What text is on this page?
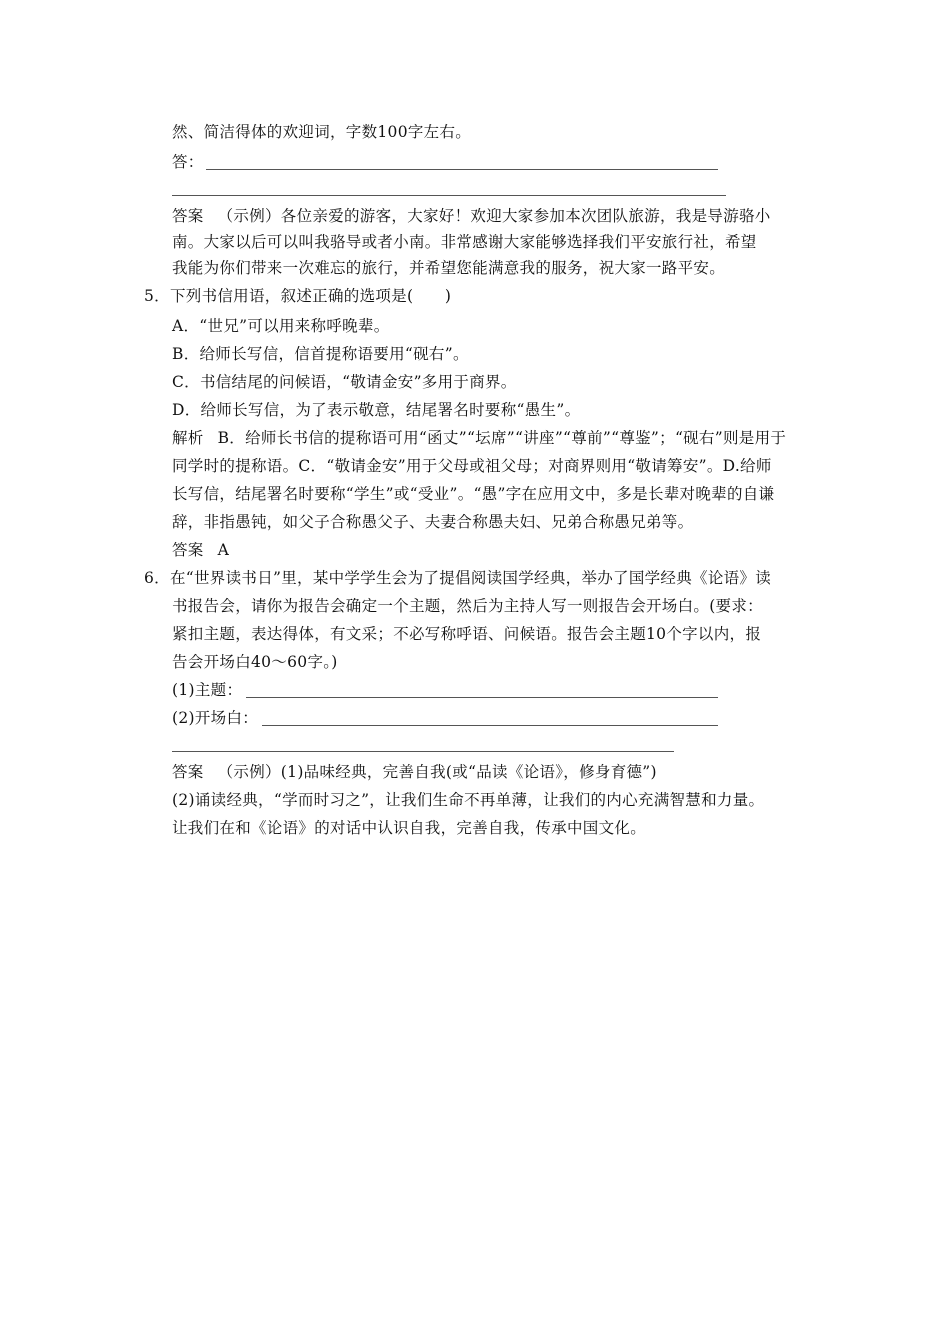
然、简洁得体的欢迎词，字数100字左右。
答：
答案 （示例）各位亲爱的游客，大家好！欢迎大家参加本次团队旅游，我是导游骆小
南。大家以后可以叫我骆导或者小南。非常感谢大家能够选择我们平安旅行社，希望
我能为你们带来一次难忘的旅行，并希望您能满意我的服务，祝大家一路平安。
5．下列书信用语，叙述正确的选项是(　　)
A．“世兄”可以用来称呼晚辈。
B．给师长写信，信首提称语要用“砚右”。
C．书信结尾的问候语，“敬请金安”多用于商界。
D．给师长写信，为了表示敬意，结尾署名时要称“愚生”。
解析 B．给师长书信的提称语可用“函丈”“坛席”“讲座”“尊前”“尊鉴”；“砚右”则是用于
同学时的提称语。C．“敬请金安”用于父母或祖父母；对商界则用“敬请筹安”。D.给师
长写信，结尾署名时要称“学生”或“受业”。“愚”字在应用文中，多是长辈对晚辈的自谦
辞，非指愚钝，如父子合称愚父子、夫妻合称愚夫妇、兄弟合称愚兄弟等。
答案 A
6．在“世界读书日”里，某中学学生会为了提倡阅读国学经典，举办了国学经典《论语》读
书报告会，请你为报告会确定一个主题，然后为主持人写一则报告会开场白。(要求：
紧扣主题，表达得体，有文采；不必写称呼语、问候语。报告会主题10个字以内，报
告会开场白40～60字。)
(1)主题：
(2)开场白：
答案 （示例）(1)品味经典，完善自我(或“品读《论语》，修身育德”)
(2)诵读经典，“学而时习之”，让我们生命不再单薄，让我们的内心充满智慧和力量。
让我们在和《论语》的对话中认识自我，完善自我，传承中国文化。
